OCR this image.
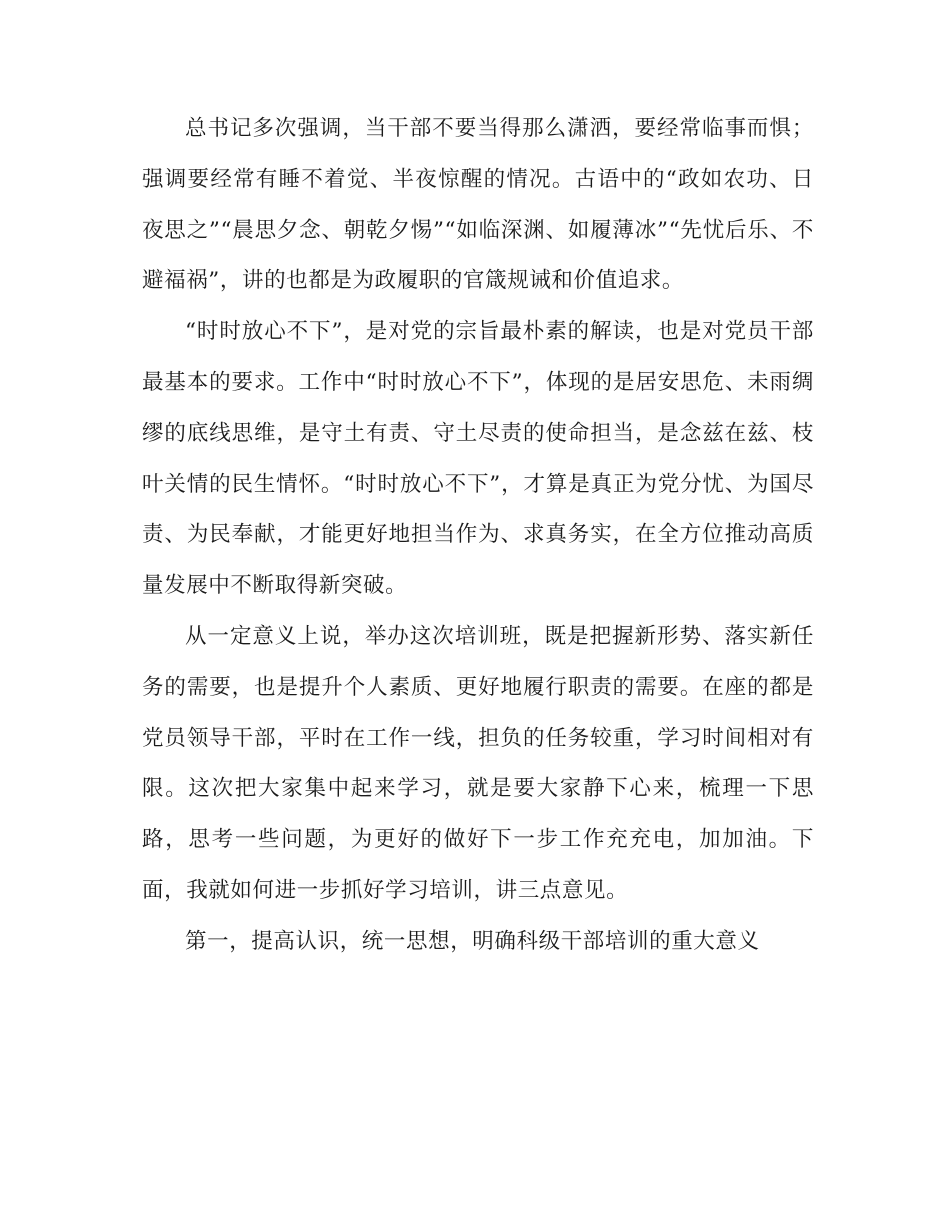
总书记多次强调，当干部不要当得那么潇洒，要经常临事而惧；强调要经常有睡不着觉、半夜惊醒的情况。古语中的“政如农功、日夜思之”“晨思夕念、朝乾夕惕”“如临深渊、如履薄冰”“先忧后乐、不避福祸”，讲的也都是为政履职的官箴规诫和价值追求。

“时时放心不下”，是对党的宗旨最朴素的解读，也是对党员干部最基本的要求。工作中“时时放心不下”，体现的是居安思危、未雨绸缪的底线思维，是守土有责、守土尽责的使命担当，是念兹在兹、枝叶关情的民生情怀。“时时放心不下”，才算是真正为党分忧、为国尽责、为民奉献，才能更好地担当作为、求真务实，在全方位推动高质量发展中不断取得新突破。

从一定意义上说，举办这次培训班，既是把握新形势、落实新任务的需要，也是提升个人素质、更好地履行职责的需要。在座的都是党员领导干部，平时在工作一线，担负的任务较重，学习时间相对有限。这次把大家集中起来学习，就是要大家静下心来，梳理一下思路，思考一些问题，为更好的做好下一步工作充充电，加加油。下面，我就如何进一步抓好学习培训，讲三点意见。

第一，提高认识，统一思想，明确科级干部培训的重大意义
